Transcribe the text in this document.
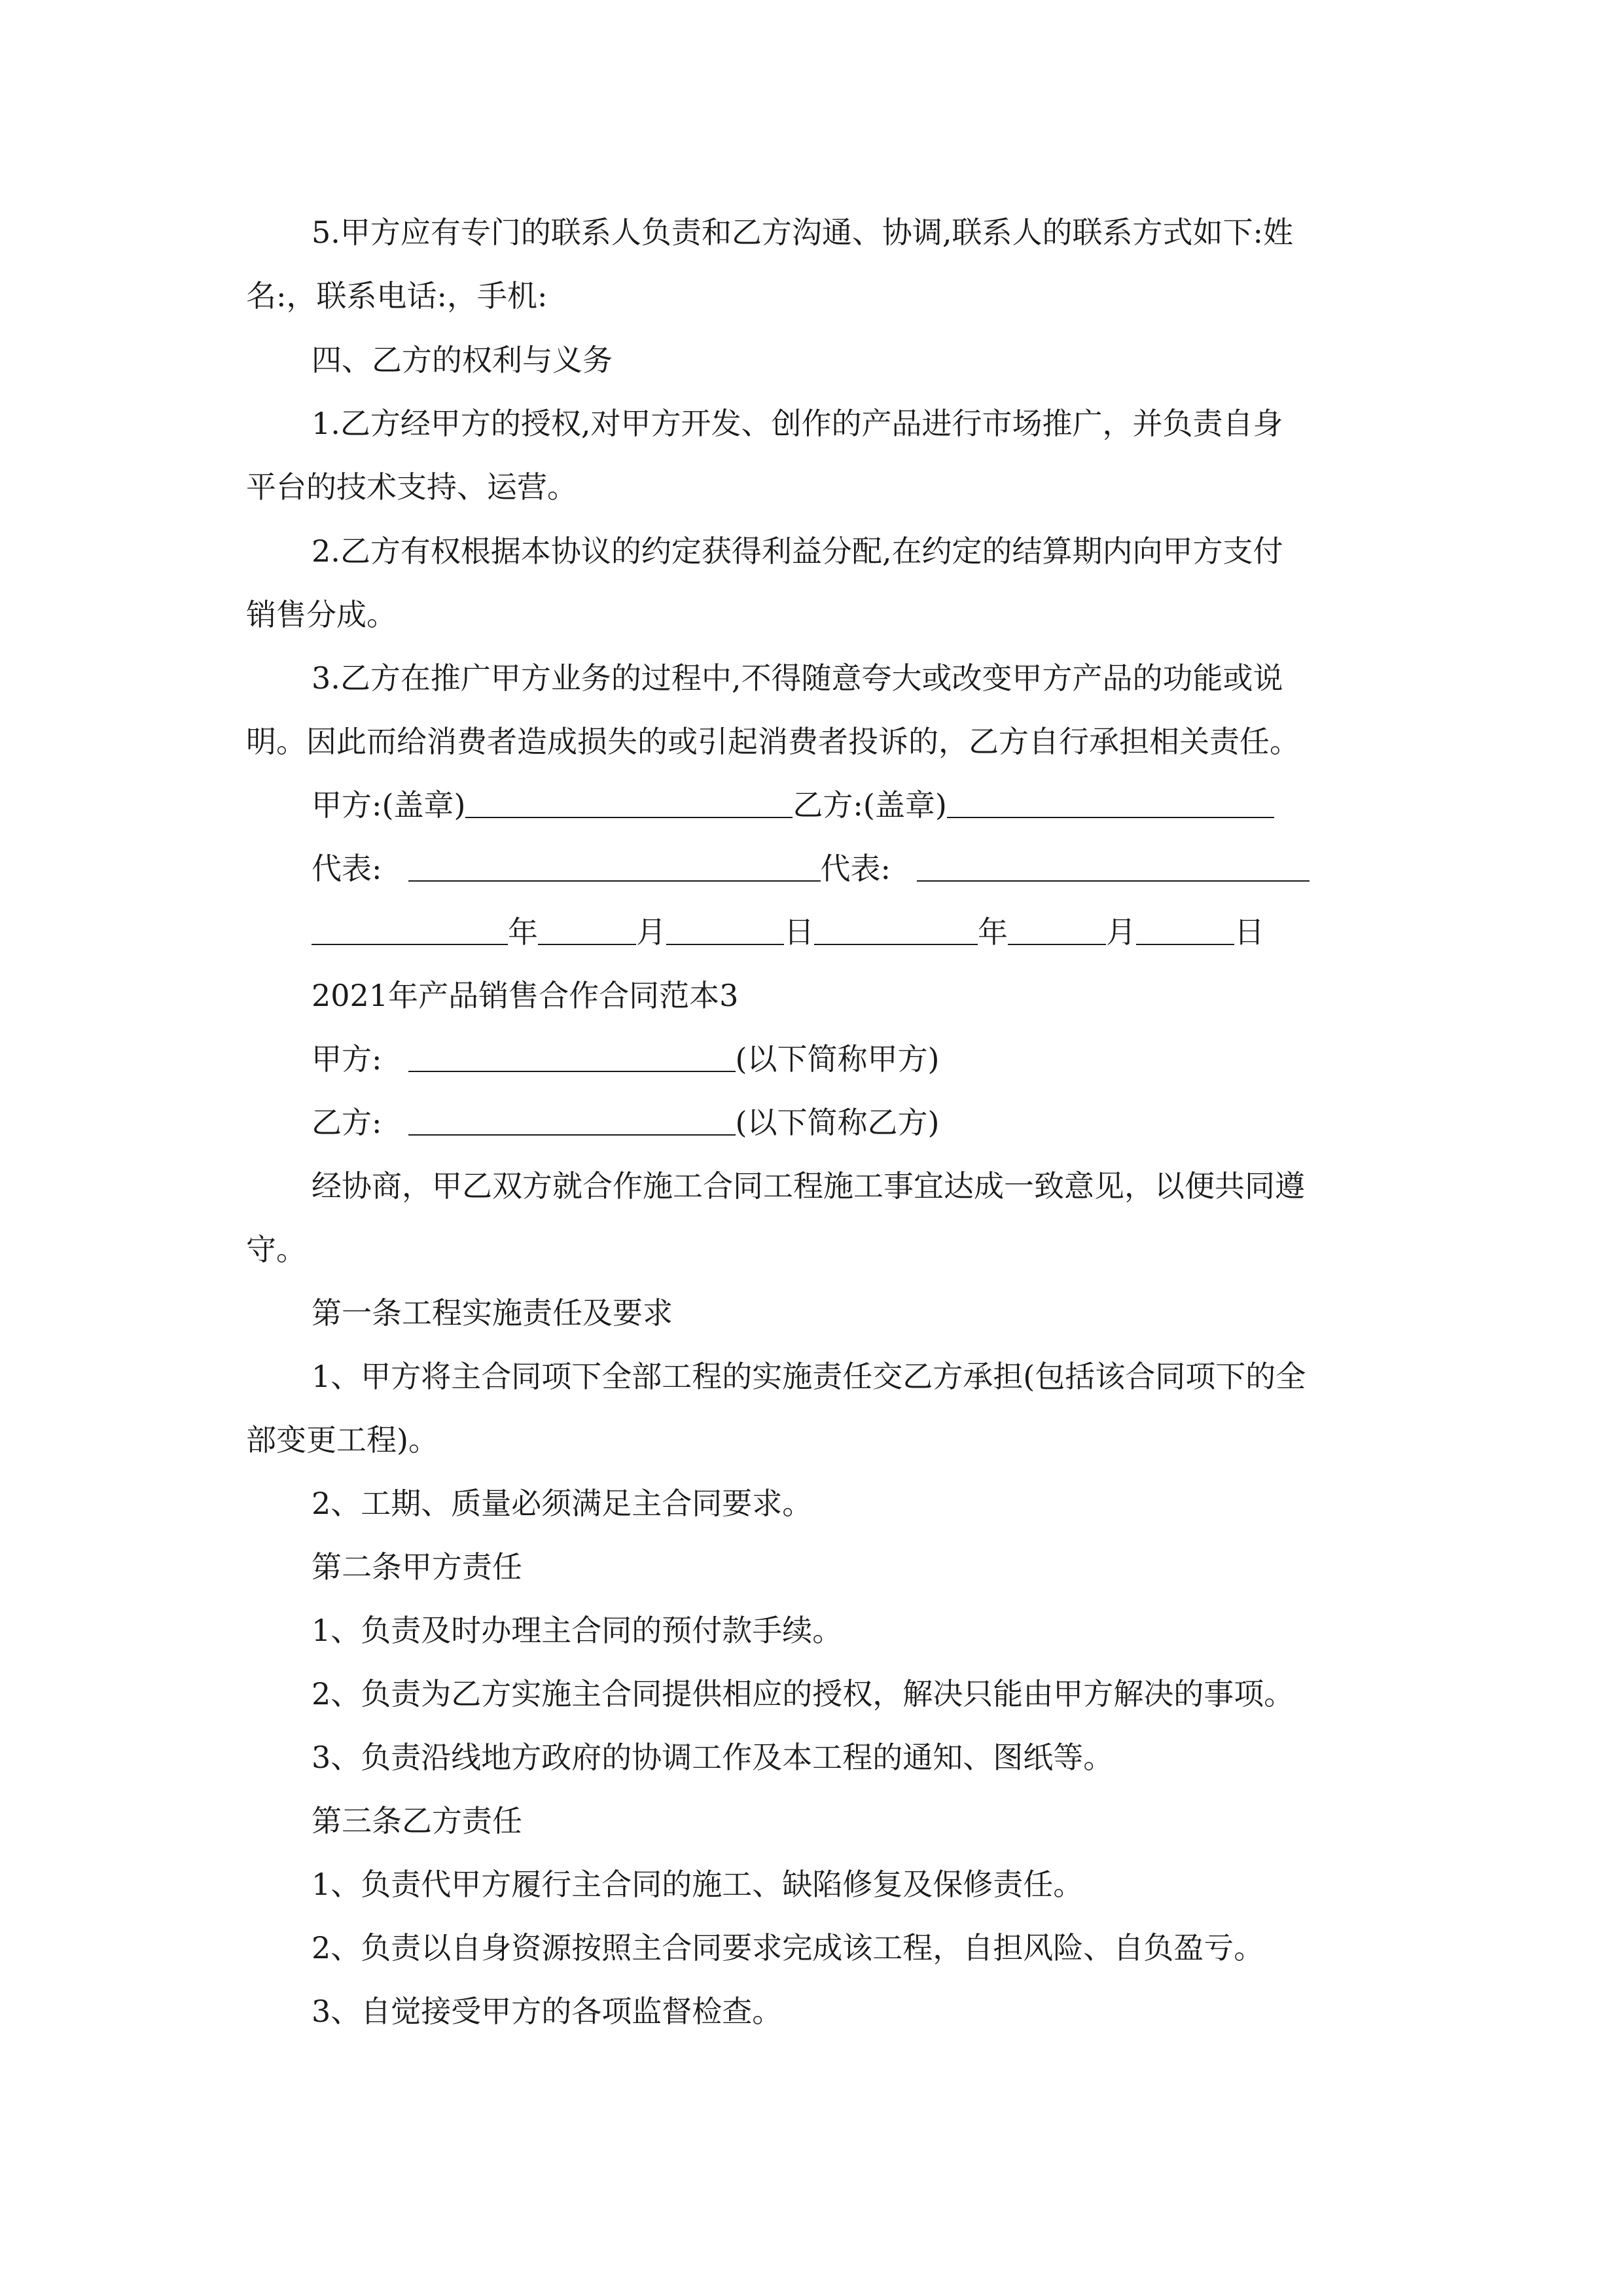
5.甲方应有专门的联系人负责和乙方沟通、协调,联系人的联系方式如下:姓
名:，联系电话:，手机:
四、乙方的权利与义务
1.乙方经甲方的授权,对甲方开发、创作的产品进行市场推广，并负责自身
平台的技术支持、运营。
2.乙方有权根据本协议的约定获得利益分配,在约定的结算期内向甲方支付
销售分成。
3.乙方在推广甲方业务的过程中,不得随意夸大或改变甲方产品的功能或说
明。因此而给消费者造成损失的或引起消费者投诉的，乙方自行承担相关责任。
甲方:(盖章)	乙方:(盖章)
代表:	代表:
年	月	日	年	月	日
2021年产品销售合作合同范本3
甲方:	(以下简称甲方)
乙方:	(以下简称乙方)
经协商，甲乙双方就合作施工合同工程施工事宜达成一致意见，以便共同遵
守。
第一条工程实施责任及要求
1、甲方将主合同项下全部工程的实施责任交乙方承担(包括该合同项下的全
部变更工程)。
2、工期、质量必须满足主合同要求。
第二条甲方责任
1、负责及时办理主合同的预付款手续。
2、负责为乙方实施主合同提供相应的授权，解决只能由甲方解决的事项。
3、负责沿线地方政府的协调工作及本工程的通知、图纸等。
第三条乙方责任
1、负责代甲方履行主合同的施工、缺陷修复及保修责任。
2、负责以自身资源按照主合同要求完成该工程，自担风险、自负盈亏。
3、自觉接受甲方的各项监督检查。
